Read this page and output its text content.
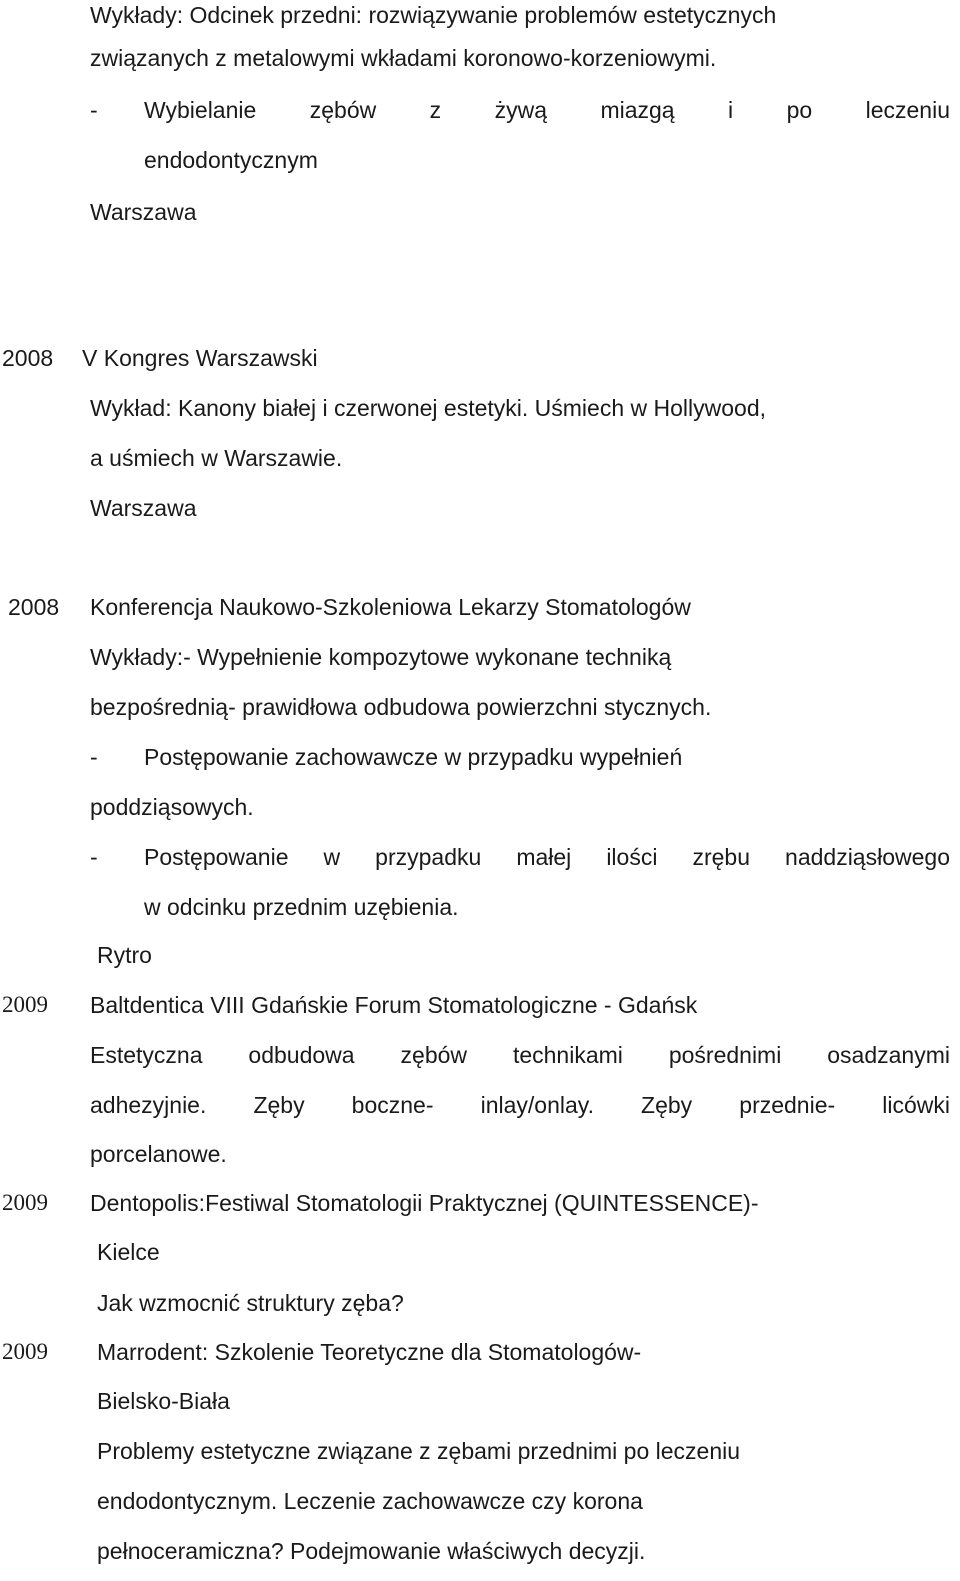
Wykłady: Odcinek przedni: rozwiązywanie problemów estetycznych
związanych z metalowymi wkładami koronowo-korzeniowymi.
- Wybielanie zębów z żywą miazgą i po leczeniu
endodontycznym
Warszawa
2008 V Kongres Warszawski
Wykład: Kanony białej i czerwonej estetyki. Uśmiech w Hollywood,
a uśmiech w Warszawie.
Warszawa
2008 Konferencja Naukowo-Szkoleniowa Lekarzy Stomatologów
Wykłady:- Wypełnienie kompozytowe wykonane techniką
bezpośrednią- prawidłowa odbudowa powierzchni stycznych.
- Postępowanie zachowawcze w przypadku wypełnień
poddziąsowych.
- Postępowanie w przypadku małej ilości zrębu naddziąsłowego
w odcinku przednim uzębienia.
Rytro
2009 Baltdentica VIII Gdańskie Forum Stomatologiczne - Gdańsk
Estetyczna odbudowa zębów technikami pośrednimi osadzanymi
adhezyjnie. Zęby boczne- inlay/onlay. Zęby przednie- licówki
porcelanowe.
2009 Dentopolis:Festiwal Stomatologii Praktycznej (QUINTESSENCE)-
Kielce
Jak wzmocnić struktury zęba?
2009 Marrodent: Szkolenie Teoretyczne dla Stomatologów-
Bielsko-Biała
Problemy estetyczne związane z zębami przednimi po leczeniu
endodontycznym. Leczenie zachowawcze czy korona
pełnoceramiczna? Podejmowanie właściwych decyzji.
